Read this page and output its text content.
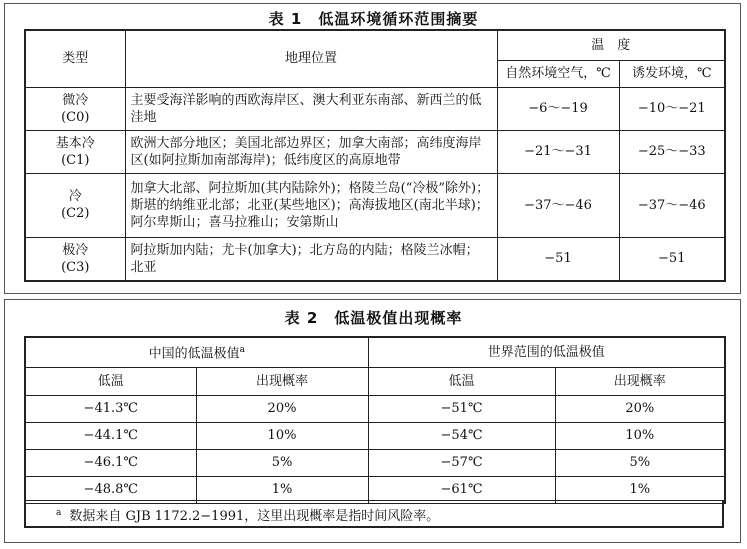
表 1　低温环境循环范围摘要
类型	地理位置	温　度	
		自然环境空气，℃	诱发环境，℃

微冷
(C0)	主要受海洋影响的西欧海岸区、澳大利亚东南部、新西兰的低洼地	−6～−19	−10～−21

基本冷
(C1)	欧洲大部分地区；美国北部边界区；加拿大南部；高纬度海岸区(如阿拉斯加南部海岸)；低纬度区的高原地带	−21～−31	−25～−33

冷
(C2)	加拿大北部、阿拉斯加(其内陆除外)；格陵兰岛(“冷极”除外)；斯堪的纳维亚北部；北亚(某些地区)；高海拔地区(南北半球)；阿尔卑斯山；喜马拉雅山；安第斯山	−37～−46	−37～−46

极冷
(C3)	阿拉斯加内陆；尤卡(加拿大)；北方岛的内陆；格陵兰冰帽；北亚	−51	−51
表 2　低温极值出现概率
中国的低温极值$^a$		世界范围的低温极值	
低温	出现概率	低温	出现概率
−41.3℃	20%	−51℃	20%
−44.1℃	10%	−54℃	10%
−46.1℃	5%	−57℃	5%
−48.8℃	1%	−61℃	1%
$^a$ 数据来自 GJB 1172.2−1991，这里出现概率是指时间风险率。
